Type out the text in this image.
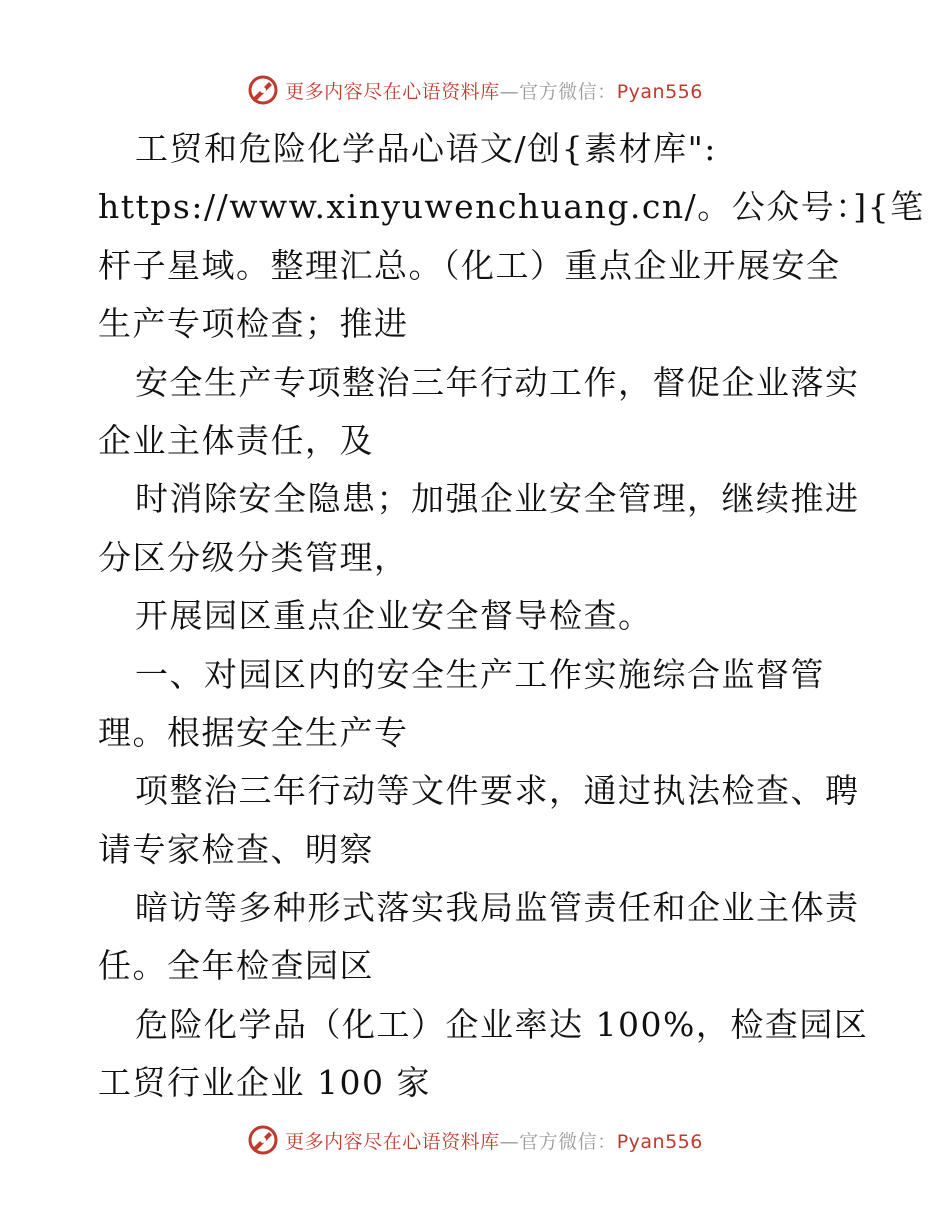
更多内容尽在心语资料库—官方微信：Pyan556
工贸和危险化学品心语文/创{素材库":
https://www.xinyuwenchuang.cn/。公众号：]{笔
杆子星域。整理汇总。（化工）重点企业开展安全
生产专项检查；推进
安全生产专项整治三年行动工作，督促企业落实
企业主体责任，及
时消除安全隐患；加强企业安全管理，继续推进
分区分级分类管理，
开展园区重点企业安全督导检查。
一、对园区内的安全生产工作实施综合监督管
理。根据安全生产专
项整治三年行动等文件要求，通过执法检查、聘
请专家检查、明察
暗访等多种形式落实我局监管责任和企业主体责
任。全年检查园区
危险化学品（化工）企业率达 100%，检查园区
工贸行业企业 100 家
更多内容尽在心语资料库—官方微信：Pyan556
